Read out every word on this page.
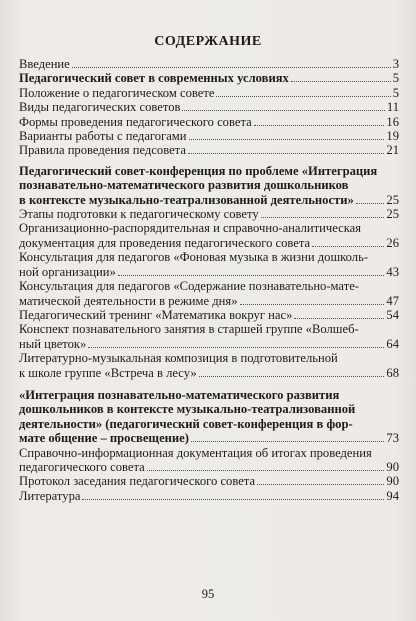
СОДЕРЖАНИЕ
Введение	3
Педагогический совет в современных условиях	5
Положение о педагогическом совете	5
Виды педагогических советов	11
Формы проведения педагогического совета	16
Варианты работы с педагогами	19
Правила проведения педсовета	21
Педагогический совет-конференция по проблеме «Интеграция
познавательно-математического развития дошкольников
в контексте музыкально-театрализованной деятельности»	25
Этапы подготовки к педагогическому совету	25
Организационно-распорядительная и справочно-аналитическая
документация для проведения педагогического совета	26
Консультация для педагогов «Фоновая музыка в жизни дошколь-
ной организации»	43
Консультация для педагогов «Содержание познавательно-мате-
матической деятельности в режиме дня»	47
Педагогический тренинг «Математика вокруг нас»	54
Конспект познавательного занятия в старшей группе «Волшеб-
ный цветок»	64
Литературно-музыкальная композиция в подготовительной
к школе группе «Встреча в лесу»	68
«Интеграция познавательно-математического развития
дошкольников в контексте музыкально-театрализованной
деятельности» (педагогический совет-конференция в фор-
мате общение – просвещение)	73
Справочно-информационная документация об итогах проведения
педагогического совета	90
Протокол заседания педагогического совета	90
Литература	94
95
